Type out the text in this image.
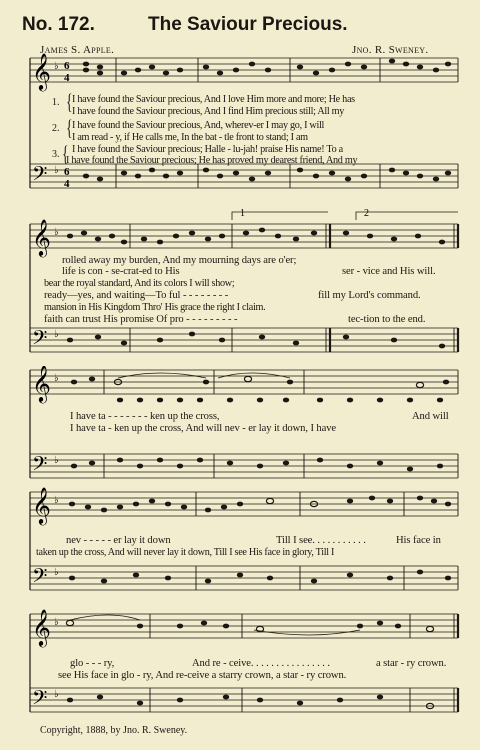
No. 172.	The Saviour Precious.
James S. Apple.	Jno. R. Sweney.
𝄞
𝄢
♭
♭
6
4
6
4
1. { I have found the Saviour precious, And I love Him more and more; He has
I have found the Saviour precious, And I find Him precious still; All my
2. { I have found the Saviour precious, And, wherev-er I may go, I will
I am read - y, if He calls me, In the bat - tle front to stand; I am
3. { I have found the Saviour precious; Halle - lu-jah! praise His name! To a
I have found the Saviour precious; He has proved my dearest friend, And my
𝄞
𝄢
♭
♭
1	2
rolled away my burden, And my mourning days are o'er;
life is con - se-crat-ed to His	ser - vice and His will.
bear the royal standard, And its colors I will show;
ready—yes, and waiting—To ful - - - - - - - -	fill my Lord's command.
mansion in His Kingdom Thro' His grace the right I claim.
faith can trust His promise Of pro - - - - - - - - -	tec-tion to the end.
𝄞
𝄢
♭
♭
I have ta - - - - - - - ken up the cross,	And will
I have ta - ken up the cross, And will nev - er lay it down, I have
𝄞
𝄢
♭
♭
nev - - - - - er lay it down	Till I see. . . . . . . . . . .	His face in
taken up the cross, And will never lay it down, Till I see His face in glory, Till I
𝄞
𝄢
♭
♭
glo - - - ry,	And re - ceive. . . . . . . . . . . . . . . .	a star - ry crown.
see His face in glo - ry, And re-ceive a starry crown, a star - ry crown.
Copyright, 1888, by Jno. R. Sweney.
